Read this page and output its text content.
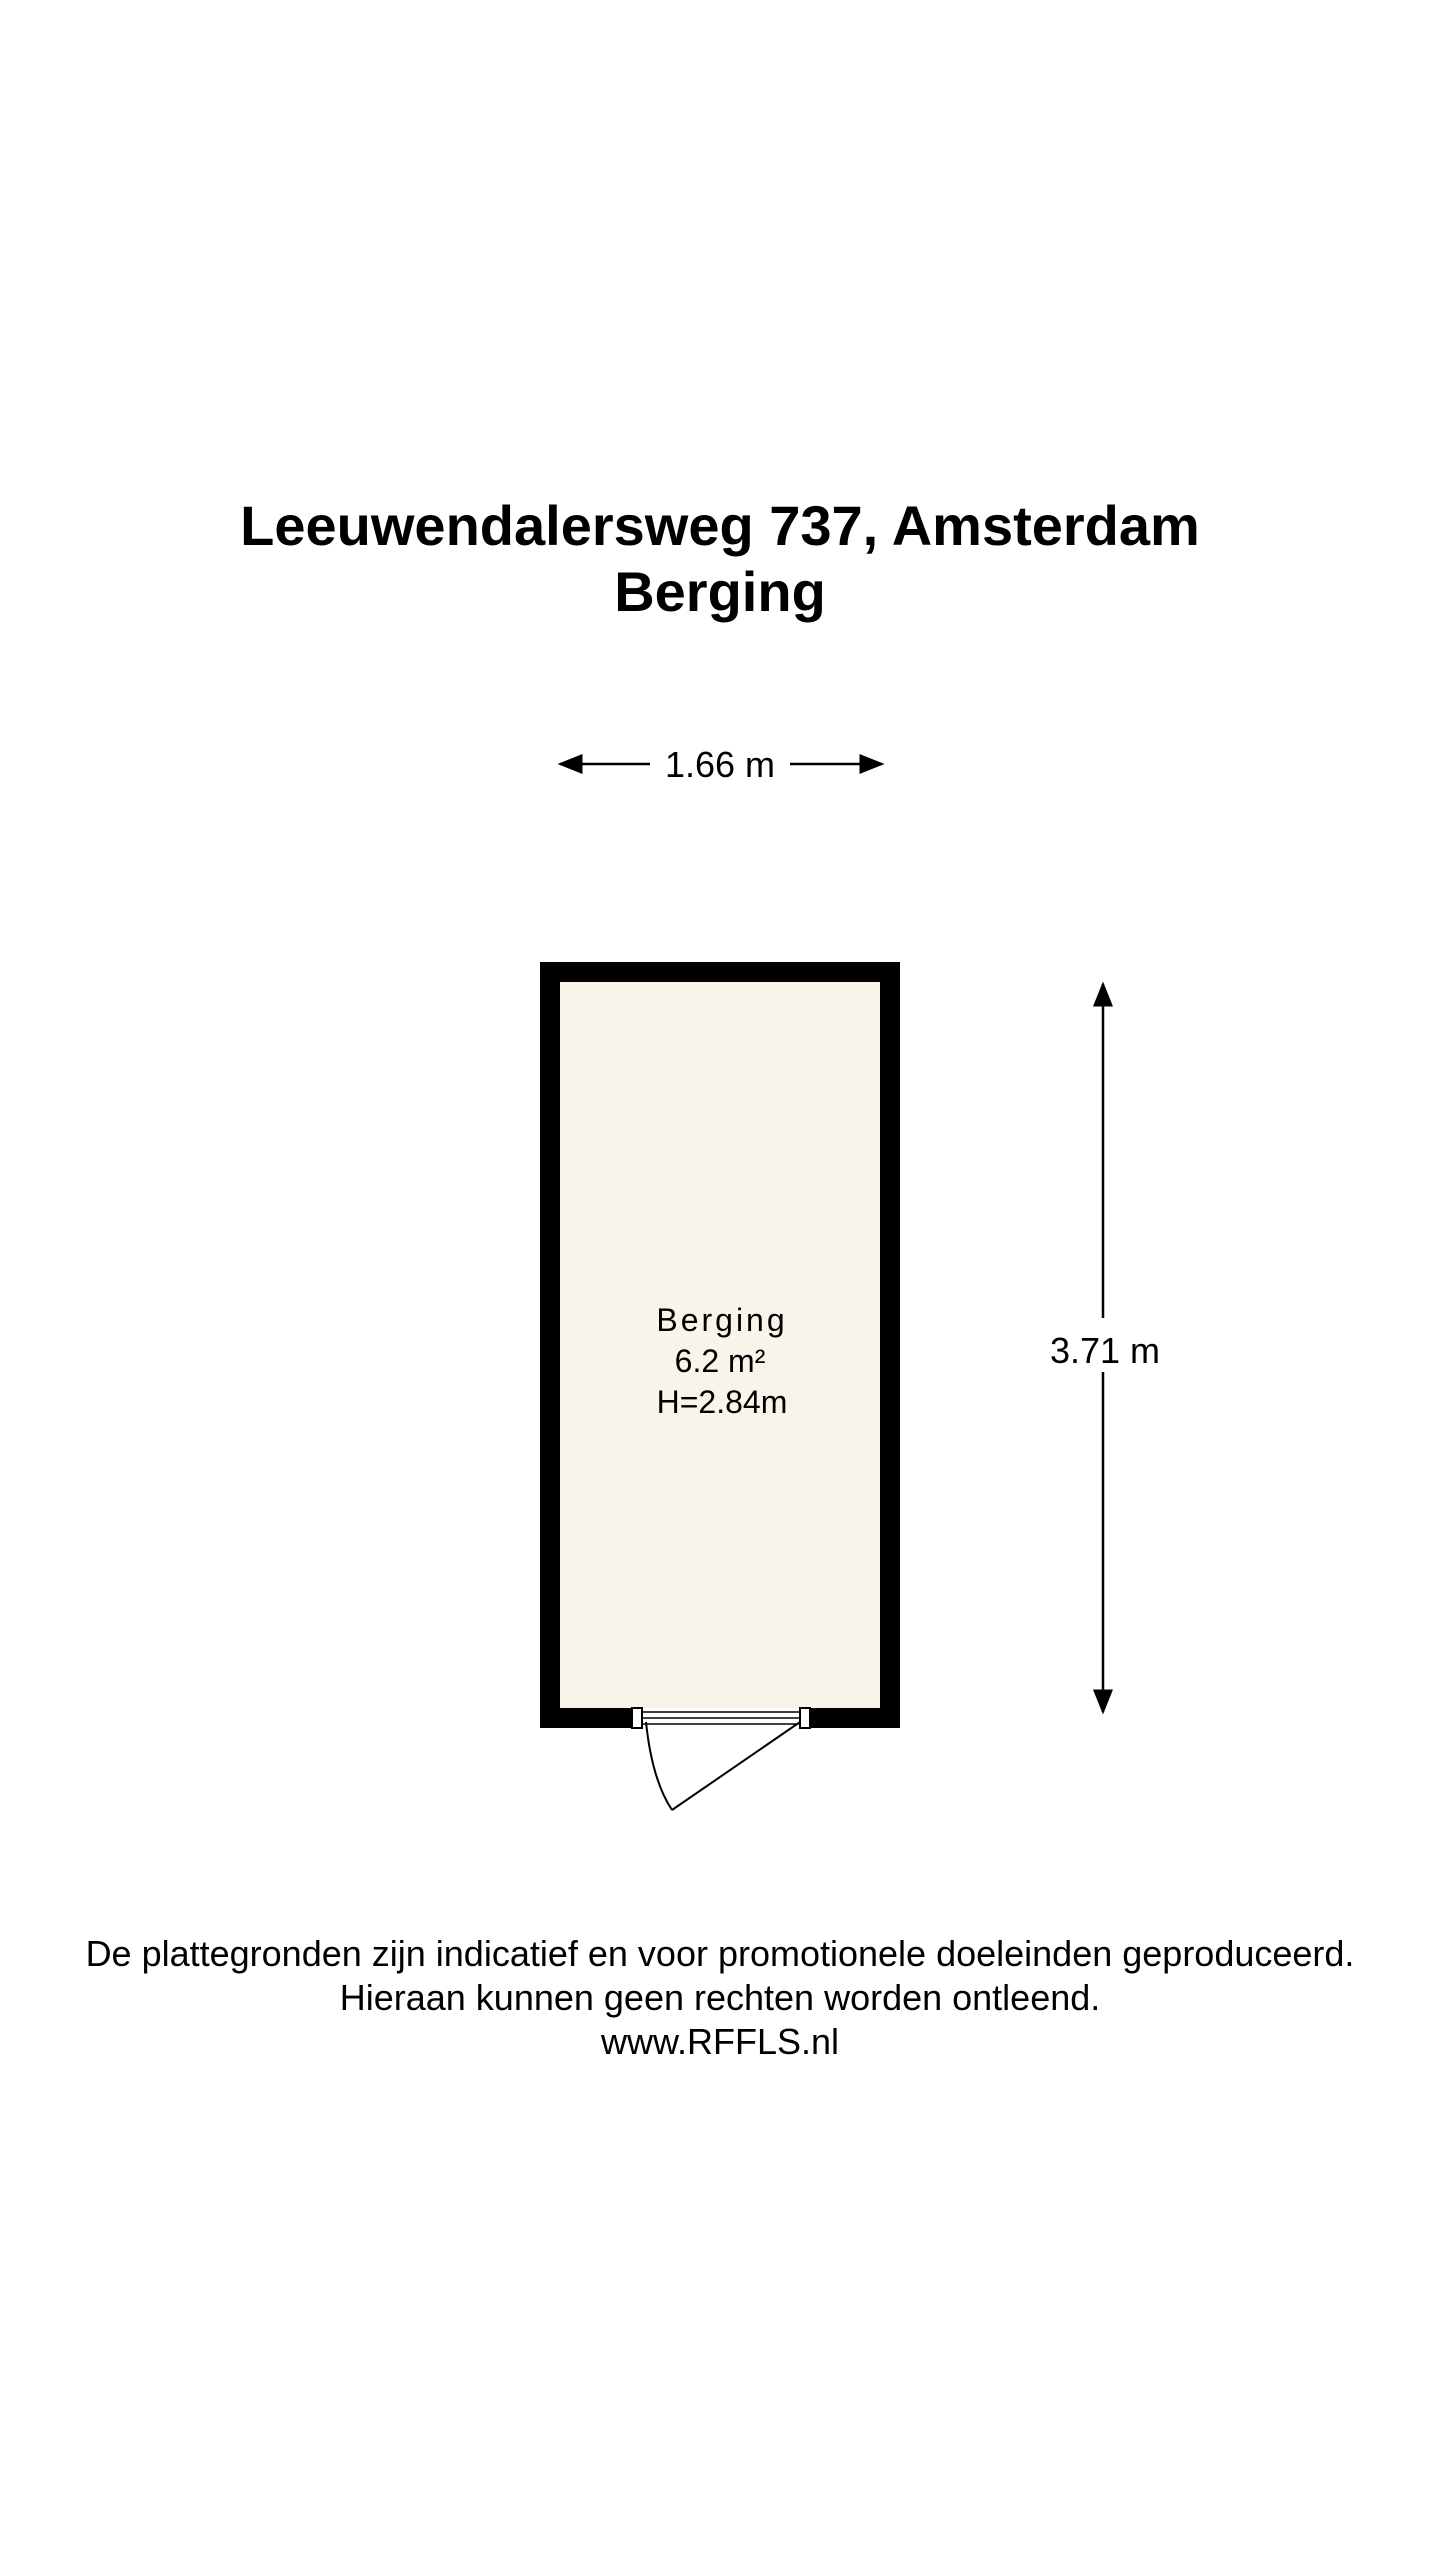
Leeuwendalersweg 737, Amsterdam
Berging
1.66 m
Berging
6.2 m²
H=2.84m
3.71 m

De plattegronden zijn indicatief en voor promotionele doeleinden geproduceerd.

Hieraan kunnen geen rechten worden ontleend.

www.RFFLS.nl
